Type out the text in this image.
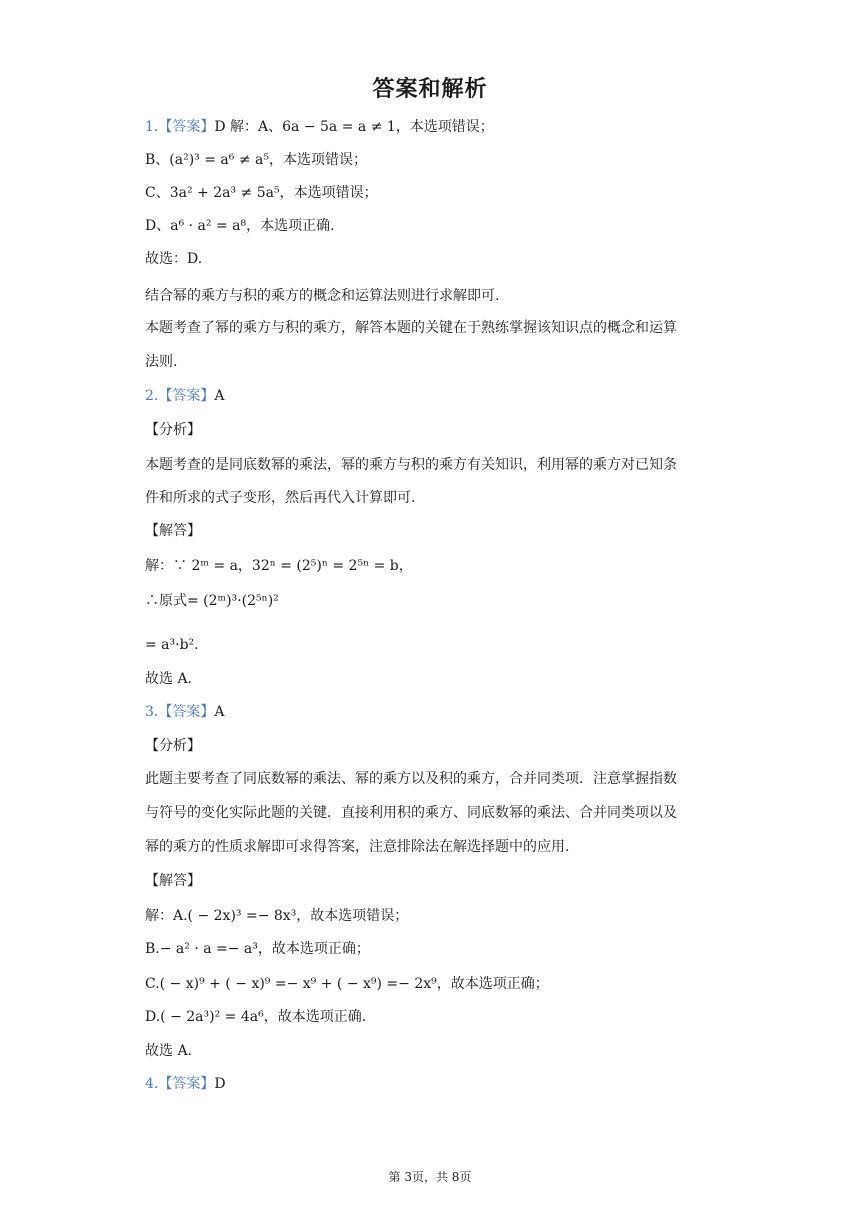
答案和解析
1.【答案】D 解：A、6a − 5a = a ≠ 1，本选项错误；
B、(a²)³ = a⁶ ≠ a⁵，本选项错误；
C、3a² + 2a³ ≠ 5a⁵，本选项错误；
D、a⁶ · a² = a⁸，本选项正确.
故选：D.
结合幂的乘方与积的乘方的概念和运算法则进行求解即可.
本题考查了幂的乘方与积的乘方，解答本题的关键在于熟练掌握该知识点的概念和运算
法则.
2.【答案】A
【分析】
本题考查的是同底数幂的乘法，幂的乘方与积的乘方有关知识，利用幂的乘方对已知条
件和所求的式子变形，然后再代入计算即可.
【解答】
解：∵ 2ᵐ = a，32ⁿ = (2⁵)ⁿ = 2⁵ⁿ = b，
∴原式= (2ᵐ)³·(2⁵ⁿ)²
= a³·b².
故选 A.
3.【答案】A
【分析】
此题主要考查了同底数幂的乘法、幂的乘方以及积的乘方，合并同类项．注意掌握指数
与符号的变化实际此题的关键．直接利用积的乘方、同底数幂的乘法、合并同类项以及
幂的乘方的性质求解即可求得答案，注意排除法在解选择题中的应用.
【解答】
解：A.( − 2x)³ =− 8x³，故本选项错误；
B.− a² · a =− a³，故本选项正确；
C.( − x)⁹ + ( − x)⁹ =− x⁹ + ( − x⁹) =− 2x⁹，故本选项正确；
D.( − 2a³)² = 4a⁶，故本选项正确.
故选 A.
4.【答案】D
第 3页，共 8页
